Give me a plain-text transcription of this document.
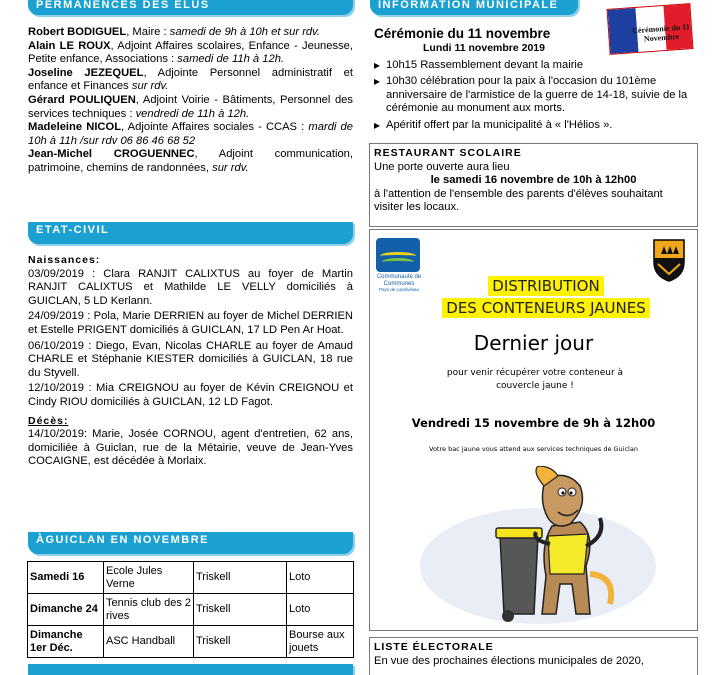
PERMANENCES DES ÉLUS

Robert BODIGUEL, Maire : samedi de 9h à 10h et sur rdv.

Alain LE ROUX, Adjoint Affaires scolaires, Enfance - Jeunesse, Petite enfance, Associations : samedi de 11h à 12h.

Joseline JEZEQUEL, Adjointe Personnel administratif et enfance et Finances sur rdv.

Gérard POULIQUEN, Adjoint Voirie - Bâtiments, Personnel des services techniques : vendredi de 11h à 12h.

Madeleine NICOL, Adjointe Affaires sociales - CCAS : mardi de 10h à 11h /sur rdv 06 86 46 68 52

Jean-Michel CROGUENNEC, Adjoint communication, patrimoine, chemins de randonnées, sur rdv.

ETAT-CIVIL

Naissances:

03/09/2019 : Clara RANJIT CALIXTUS au foyer de Martin RANJIT CALIXTUS et Mathilde LE VELLY domiciliés à GUICLAN, 5 LD Kerlann.

24/09/2019 : Pola, Marie DERRIEN au foyer de Michel DERRIEN et Estelle PRIGENT domiciliés à GUICLAN, 17 LD Pen Ar Hoat.

06/10/2019 : Diego, Evan, Nicolas CHARLE au foyer de Amaud CHARLE et Stéphanie KIESTER domiciliés à GUICLAN, 18 rue du Styvell.

12/10/2019 : Mia CREIGNOU au foyer de Kévin CREIGNOU et Cindy RIOU domiciliés à GUICLAN, 12 LD Fagot.

Décès:

14/10/2019: Marie, Josée CORNOU, agent d'entretien, 62 ans, domiciliée à Guiclan, rue de la Métairie, veuve de Jean-Yves COCAIGNE, est décédée à Morlaix.

ÀGUICLAN EN NOVEMBRE
Samedi 16	Ecole Jules Verne	Triskell	Loto
Dimanche 24	Tennis club des 2 rives	Triskell	Loto
Dimanche 1er Déc.	ASC Handball	Triskell	Bourse aux jouets
INFORMATION MUNICIPALE
Cérémonie du 11 Novembre

Cérémonie du 11 novembre

Lundi 11 novembre 2019

▸ 10h15 Rassemblement devant la mairie
▸ 10h30 célébration pour la paix à l'occasion du 101ème anniversaire de l'armistice de la guerre de 14-18, suivie de la cérémonie au monument aux morts.
▸ Apéritif offert par la municipalité à « l'Hélios ».

RESTAURANT SCOLAIRE

Une porte ouverte aura lieu

le samedi 16 novembre de 10h à 12h00

à l'attention de l'ensemble des parents d'élèves souhaitant visiter les locaux.

Communauté de Communes
Pays de Landivisiau	DISTRIBUTION DES CONTENEURS JAUNES
Dernier jour
pour venir récupérer votre conteneur à couvercle jaune !
Vendredi 15 novembre de 9h à 12h00
Votre bac jaune vous attend aux services techniques de Guiclan

LISTE ÉLECTORALE

En vue des prochaines élections municipales de 2020,
